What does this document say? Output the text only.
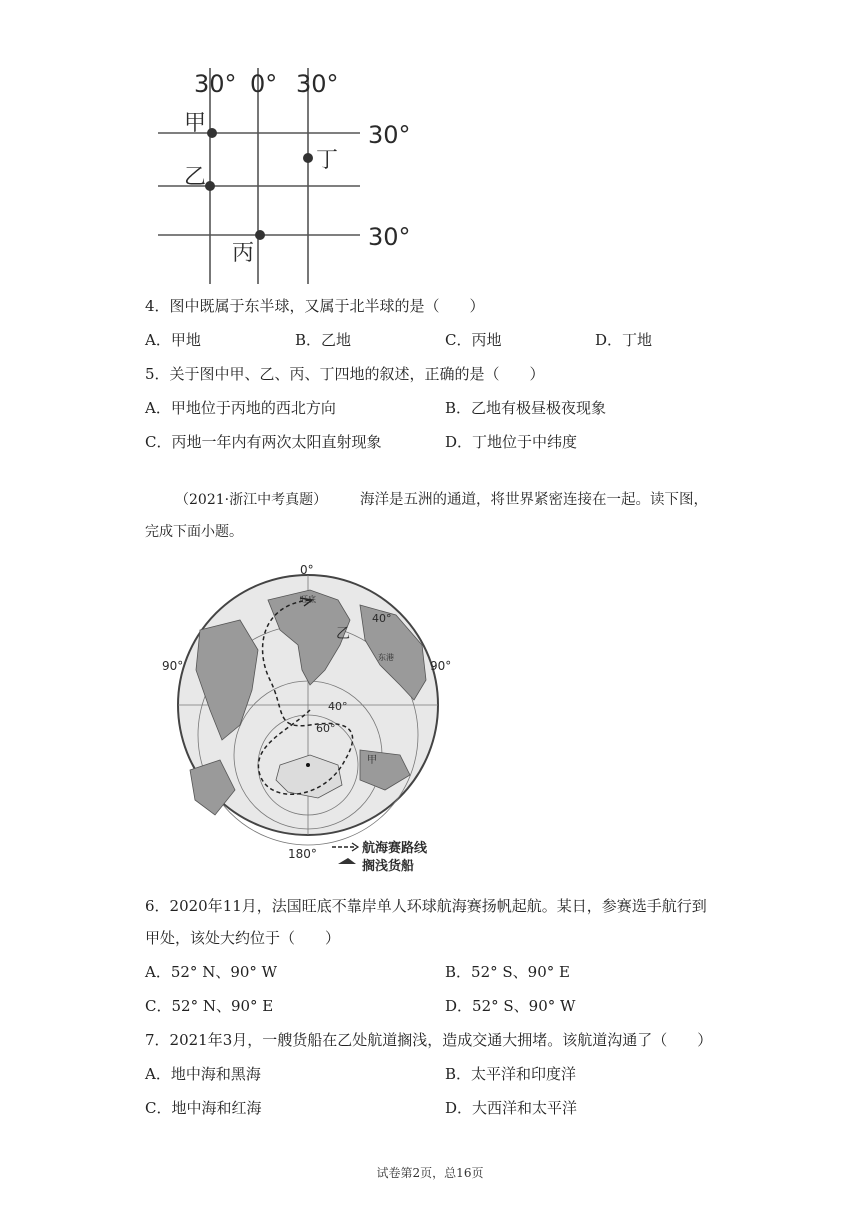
30° 0° 30°
30°
30°
甲
乙
丙
丁
4．图中既属于东半球，又属于北半球的是（　　）
A．甲地	B．乙地	C．丙地	D．丁地
5．关于图中甲、乙、丙、丁四地的叙述，正确的是（　　）
A．甲地位于丙地的西北方向	B．乙地有极昼极夜现象
C．丙地一年内有两次太阳直射现象	D．丁地位于中纬度
（2021·浙江中考真题） 海洋是五洲的通道，将世界紧密连接在一起。读下图，
完成下面小题。
0°
90°	90°
180°
40°
40°
60°
旺底
乙
东港
甲
航海赛路线
搁浅货船
6．2020年11月，法国旺底不靠岸单人环球航海赛扬帆起航。某日，参赛选手航行到
甲处，该处大约位于（　　）
A．52° N、90° W	B．52° S、90° E
C．52° N、90° E	D．52° S、90° W
7．2021年3月，一艘货船在乙处航道搁浅，造成交通大拥堵。该航道沟通了（　　）
A．地中海和黑海	B．太平洋和印度洋
C．地中海和红海	D．大西洋和太平洋
试卷第2页，总16页
